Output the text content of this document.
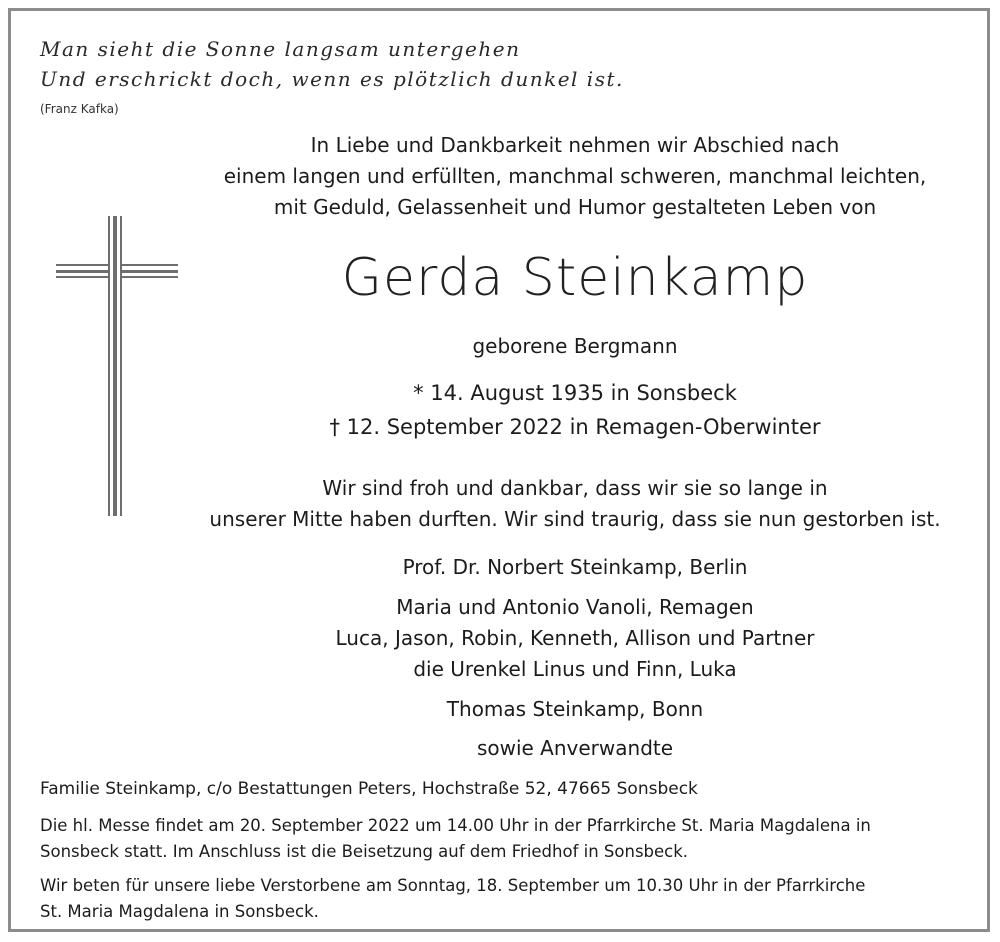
Man sieht die Sonne langsam untergehen
Und erschrickt doch, wenn es plötzlich dunkel ist.
(Franz Kafka)
In Liebe und Dankbarkeit nehmen wir Abschied nach
einem langen und erfüllten, manchmal schweren, manchmal leichten,
mit Geduld, Gelassenheit und Humor gestalteten Leben von
Gerda Steinkamp
geborene Bergmann
* 14. August 1935 in Sonsbeck
† 12. September 2022 in Remagen-Oberwinter
Wir sind froh und dankbar, dass wir sie so lange in
unserer Mitte haben durften. Wir sind traurig, dass sie nun gestorben ist.
Prof. Dr. Norbert Steinkamp, Berlin
Maria und Antonio Vanoli, Remagen
Luca, Jason, Robin, Kenneth, Allison und Partner
die Urenkel Linus und Finn, Luka
Thomas Steinkamp, Bonn
sowie Anverwandte
Familie Steinkamp, c/o Bestattungen Peters, Hochstraße 52, 47665 Sonsbeck
Die hl. Messe findet am 20. September 2022 um 14.00 Uhr in der Pfarrkirche St. Maria Magdalena in
Sonsbeck statt. Im Anschluss ist die Beisetzung auf dem Friedhof in Sonsbeck.
Wir beten für unsere liebe Verstorbene am Sonntag, 18. September um 10.30 Uhr in der Pfarrkirche
St. Maria Magdalena in Sonsbeck.
